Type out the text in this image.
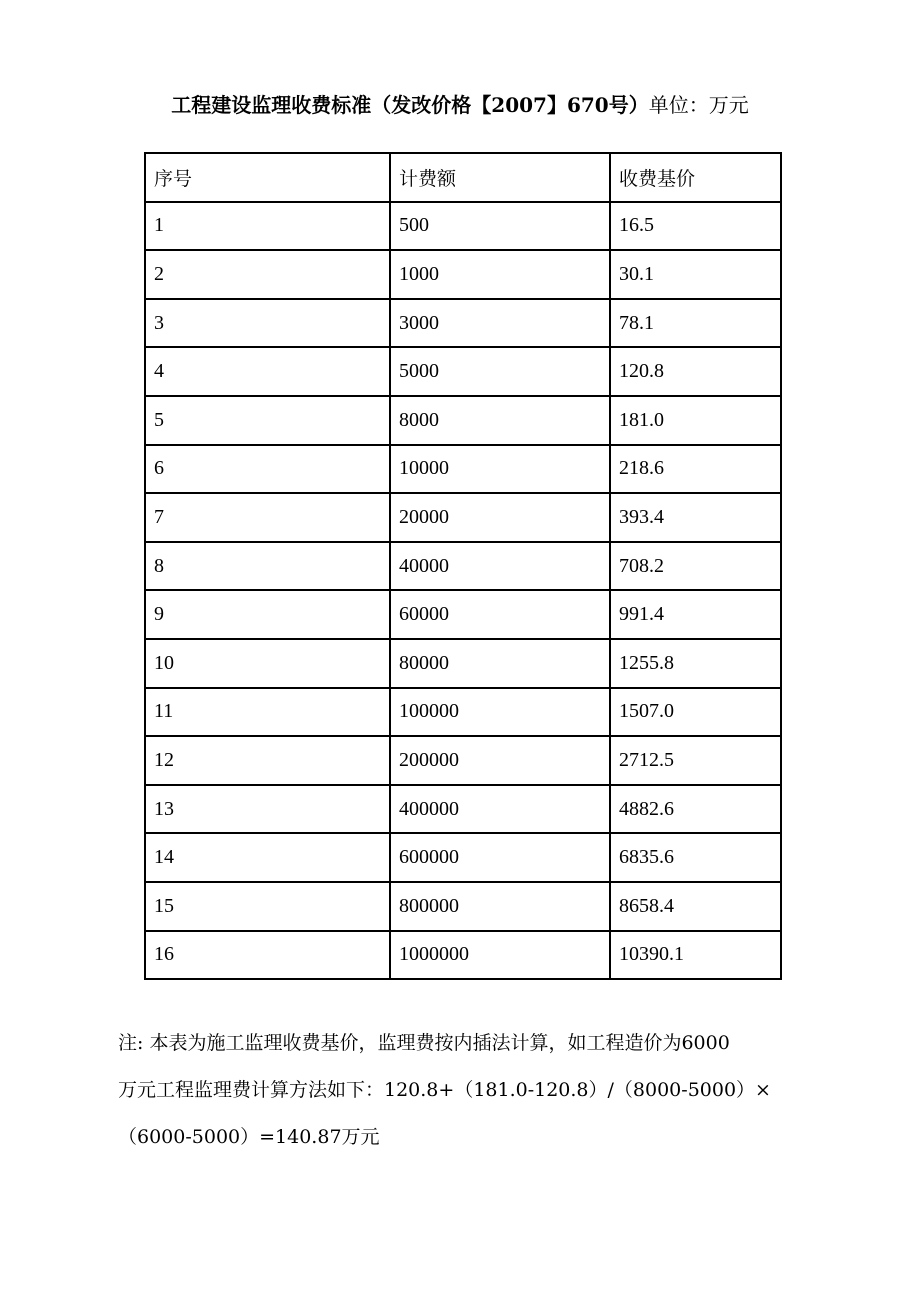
工程建设监理收费标准（发改价格【2007】670号）单位：万元
序号	计费额	收费基价
1	500	16.5
2	1000	30.1
3	3000	78.1
4	5000	120.8
5	8000	181.0
6	10000	218.6
7	20000	393.4
8	40000	708.2
9	60000	991.4
10	80000	1255.8
11	100000	1507.0
12	200000	2712.5
13	400000	4882.6
14	600000	6835.6
15	800000	8658.4
16	1000000	10390.1
注: 本表为施工监理收费基价，监理费按内插法计算，如工程造价为6000
万元工程监理费计算方法如下：120.8+（181.0-120.8）/（8000-5000）×
（6000-5000）=140.87万元
